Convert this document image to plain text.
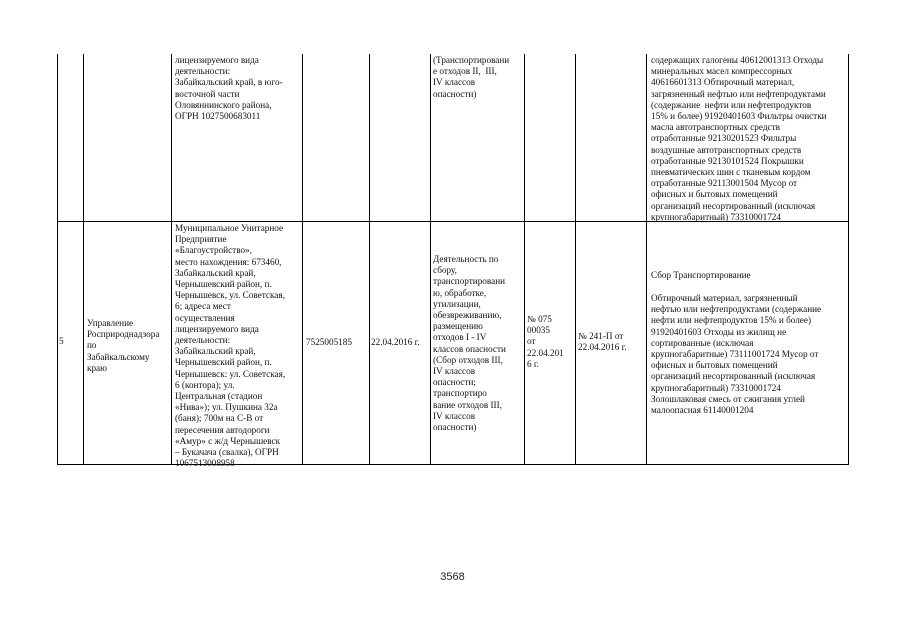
лицензируемого вида
деятельности:
Забайкальский край, в юго-
восточной части
Оловяннинского района,
ОГРН 1027500683011
(Транспортировани
е отходов II,  III,
IV классов
опасности)
содержащих галогены 40612001313 Отходы
минеральных масел компрессорных
40616601313 Обтирочный материал,
загрязненный нефтью или нефтепродуктами
(содержание  нефти или нефтепродуктов
15% и более) 91920401603 Фильтры очистки
масла автотранспортных средств
отработанные 92130201523 Фильтры
воздушные автотранспортных средств
отработанные 92130101524 Покрышки
пневматических шин с тканевым кордом
отработанные 92113001504 Мусор от
офисных и бытовых помещений
организаций несортированный (исключая
крупногабаритный) 73310001724
5
Управление
Росприроднадзора
по
Забайкальскому
краю
Муниципальное Унитарное
Предприятие
«Благоустройство»,
место нахождения: 673460,
Забайкальский край,
Чернышевский район, п.
Чернышевск, ул. Советская,
6; адреса мест
осуществления
лицензируемого вида
деятельности:
Забайкальский край,
Чернышевский район, п.
Чернышевск: ул. Советская,
6 (контора); ул.
Центральная (стадион
«Нива»); ул. Пушкина 32а
(баня); 700м на С-В от
пересечения автодороги
«Амур» с ж/д Чернышевск
– Букачача (свалка), ОГРН
1067513008958
7525005185 22.04.2016 г.
Деятельность по
сбору,
транспортировани
ю, обработке,
утилизации,
обезвреживанию,
размещению
отходов I - IV
классов опасности
(Сбор отходов III,
IV классов
опасности;
транспортиро
вание отходов III,
IV классов
опасности)
№ 075
00035
от
22.04.201
6 г.
№ 241-П от
22.04.2016 г.
Сбор Транспортирование
Обтирочный материал, загрязненный
нефтью или нефтепродуктами (содержание
нефти или нефтепродуктов 15% и более)
91920401603 Отходы из жилищ не
сортированные (исключая
крупногабаритные) 73111001724 Мусор от
офисных и бытовых помещений
организаций несортированный (исключая
крупногабаритный) 73310001724
Золошлаковая смесь от сжигания углей
малоопасная 61140001204
3568
